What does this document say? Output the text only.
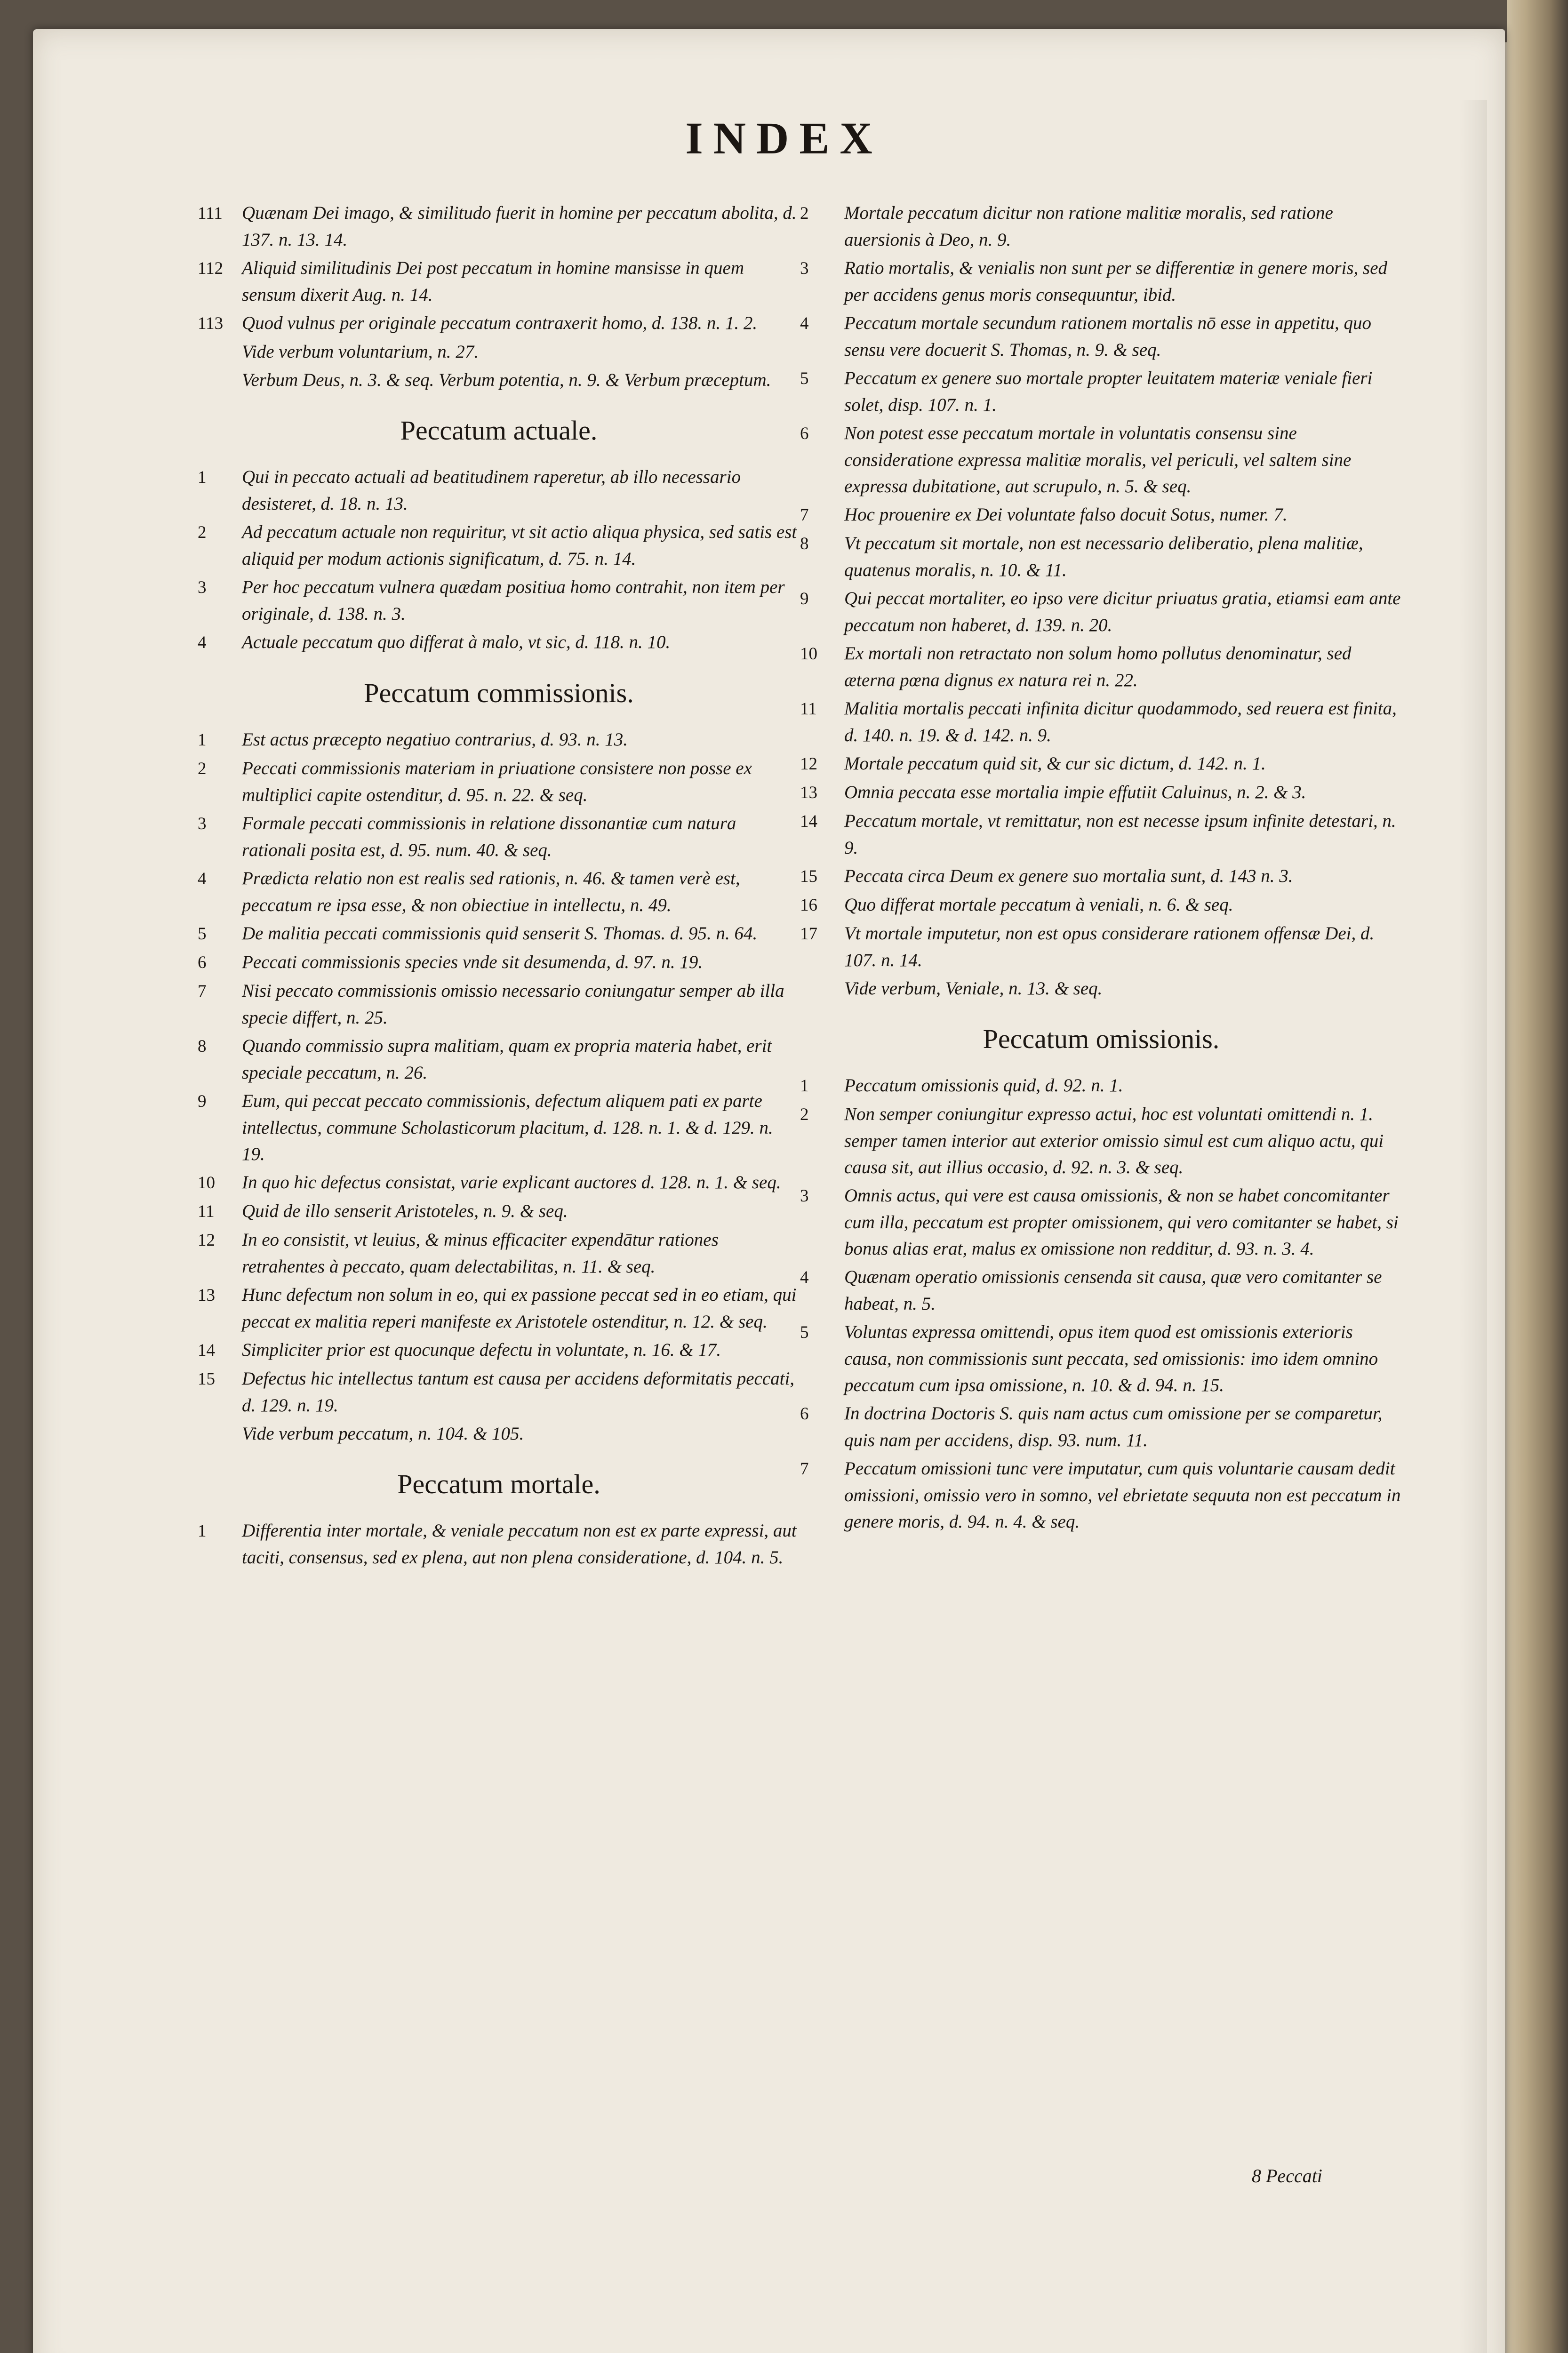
INDEX
111 Quænam Dei imago, & similitudo fuerit in homine per peccatum abolita, d. 137. n. 13. 14.
112 Aliquid similitudinis Dei post peccatum in homine mansisse in quem sensum dixerit Aug. n. 14.
113 Quod vulnus per originale peccatum contraxerit homo, d. 138. n. 1. 2.
Vide verbum voluntarium, n. 27.
Verbum Deus, n. 3. & seq. Verbum potentia, n. 9. & Verbum præceptum.
Peccatum actuale.
1 Qui in peccato actuali ad beatitudinem raperetur, ab illo necessario desisteret, d. 18. n. 13.
2 Ad peccatum actuale non requiritur, vt sit actio aliqua physica, sed satis est aliquid per modum actionis significatum, d. 75. n. 14.
3 Per hoc peccatum vulnera quædam positiua homo contrahit, non item per originale, d. 138. n. 3.
4 Actuale peccatum quo differat à malo, vt sic, d. 118. n. 10.
Peccatum commissionis.
1 Est actus præcepto negatiuo contrarius, d. 93. n. 13.
2 Peccati commissionis materiam in priuatione consistere non posse ex multiplici capite ostenditur, d. 95. n. 22. & seq.
3 Formale peccati commissionis in relatione dissonantiæ cum natura rationali posita est, d. 95. num. 40. & seq.
4 Prædicta relatio non est realis sed rationis, n. 46. & tamen verè est, peccatum re ipsa esse, & non obiectiue in intellectu, n. 49.
5 De malitia peccati commissionis quid senserit S. Thomas. d. 95. n. 64.
6 Peccati commissionis species vnde sit desumenda, d. 97. n. 19.
7 Nisi peccato commissionis omissio necessario coniungatur semper ab illa specie differt, n. 25.
8 Quando commissio supra malitiam, quam ex propria materia habet, erit speciale peccatum, n. 26.
9 Eum, qui peccat peccato commissionis, defectum aliquem pati ex parte intellectus, commune Scholasticorum placitum, d. 128. n. 1. & d. 129. n. 19.
10 In quo hic defectus consistat, varie explicant auctores d. 128. n. 1. & seq.
11 Quid de illo senserit Aristoteles, n. 9. & seq.
12 In eo consistit, vt leuius, & minus efficaciter expendātur rationes retrahentes à peccato, quam delectabilitas, n. 11. & seq.
13 Hunc defectum non solum in eo, qui ex passione peccat sed in eo etiam, qui peccat ex malitia reperi manifeste ex Aristotele ostenditur, n. 12. & seq.
14 Simpliciter prior est quocunque defectu in voluntate, n. 16. & 17.
15 Defectus hic intellectus tantum est causa per accidens deformitatis peccati, d. 129. n. 19.
Vide verbum peccatum, n. 104. & 105.
Peccatum mortale.
1 Differentia inter mortale, & veniale peccatum non est ex parte expressi, aut taciti, consensus, sed ex plena, aut non plena consideratione, d. 104. n. 5.
2 Mortale peccatum dicitur non ratione malitiæ moralis, sed ratione auersionis à Deo, n. 9.
3 Ratio mortalis, & venialis non sunt per se differentiæ in genere moris, sed per accidens genus moris consequuntur, ibid.
4 Peccatum mortale secundum rationem mortalis nō esse in appetitu, quo sensu vere docuerit S. Thomas, n. 9. & seq.
5 Peccatum ex genere suo mortale propter leuitatem materiæ veniale fieri solet, disp. 107. n. 1.
6 Non potest esse peccatum mortale in voluntatis consensu sine consideratione expressa malitiæ moralis, vel periculi, vel saltem sine expressa dubitatione, aut scrupulo, n. 5. & seq.
7 Hoc prouenire ex Dei voluntate falso docuit Sotus, numer. 7.
8 Vt peccatum sit mortale, non est necessario deliberatio, plena malitiæ, quatenus moralis, n. 10. & 11.
9 Qui peccat mortaliter, eo ipso vere dicitur priuatus gratia, etiamsi eam ante peccatum non haberet, d. 139. n. 20.
10 Ex mortali non retractato non solum homo pollutus denominatur, sed æterna pœna dignus ex natura rei n. 22.
11 Malitia mortalis peccati infinita dicitur quodammodo, sed reuera est finita, d. 140. n. 19. & d. 142. n. 9.
12 Mortale peccatum quid sit, & cur sic dictum, d. 142. n. 1.
13 Omnia peccata esse mortalia impie effutiit Caluinus, n. 2. & 3.
14 Peccatum mortale, vt remittatur, non est necesse ipsum infinite detestari, n. 9.
15 Peccata circa Deum ex genere suo mortalia sunt, d. 143 n. 3.
16 Quo differat mortale peccatum à veniali, n. 6. & seq.
17 Vt mortale imputetur, non est opus considerare rationem offensæ Dei, d. 107. n. 14.
Vide verbum, Veniale, n. 13. & seq.
Peccatum omissionis.
1 Peccatum omissionis quid, d. 92. n. 1.
2 Non semper coniungitur expresso actui, hoc est voluntati omittendi n. 1. semper tamen interior aut exterior omissio simul est cum aliquo actu, qui causa sit, aut illius occasio, d. 92. n. 3. & seq.
3 Omnis actus, qui vere est causa omissionis, & non se habet concomitanter cum illa, peccatum est propter omissionem, qui vero comitanter se habet, si bonus alias erat, malus ex omissione non redditur, d. 93. n. 3. 4.
4 Quænam operatio omissionis censenda sit causa, quæ vero comitanter se habeat, n. 5.
5 Voluntas expressa omittendi, opus item quod est omissionis exterioris causa, non commissionis sunt peccata, sed omissionis: imo idem omnino peccatum cum ipsa omissione, n. 10. & d. 94. n. 15.
6 In doctrina Doctoris S. quis nam actus cum omissione per se comparetur, quis nam per accidens, disp. 93. num. 11.
7 Peccatum omissioni tunc vere imputatur, cum quis voluntarie causam dedit omissioni, omissio vero in somno, vel ebrietate sequuta non est peccatum in genere moris, d. 94. n. 4. & seq.
8 Peccati
